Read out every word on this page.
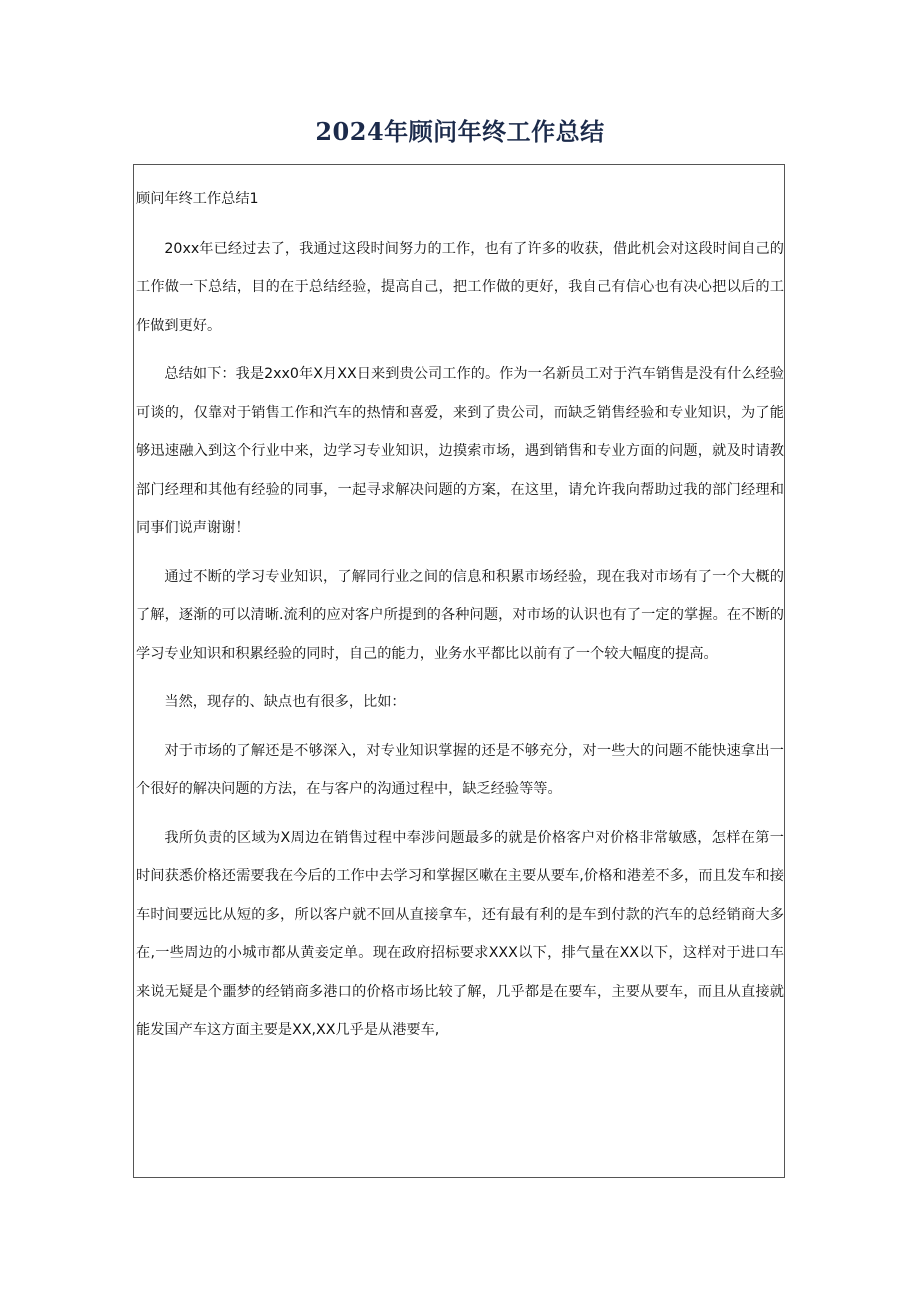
2024年顾问年终工作总结

顾问年终工作总结1

20xx年已经过去了，我通过这段时间努力的工作，也有了许多的收获，借此机会对这段时间自己的工作做一下总结，目的在于总结经验，提高自己，把工作做的更好，我自己有信心也有决心把以后的工作做到更好。

总结如下：我是2xx0年X月XX日来到贵公司工作的。作为一名新员工对于汽车销售是没有什么经验可谈的，仅靠对于销售工作和汽车的热情和喜爱，来到了贵公司，而缺乏销售经验和专业知识，为了能够迅速融入到这个行业中来，边学习专业知识，边摸索市场，遇到销售和专业方面的问题，就及时请教部门经理和其他有经验的同事，一起寻求解决问题的方案，在这里，请允许我向帮助过我的部门经理和同事们说声谢谢！

通过不断的学习专业知识，了解同行业之间的信息和积累市场经验，现在我对市场有了一个大概的了解，逐渐的可以清晰.流利的应对客户所提到的各种问题，对市场的认识也有了一定的掌握。在不断的学习专业知识和积累经验的同时，自己的能力，业务水平都比以前有了一个较大幅度的提高。

当然，现存的、缺点也有很多，比如：

对于市场的了解还是不够深入，对专业知识掌握的还是不够充分，对一些大的问题不能快速拿出一个很好的解决问题的方法，在与客户的沟通过程中，缺乏经验等等。

我所负责的区域为X周边在销售过程中奉涉问题最多的就是价格客户对价格非常敏感，怎样在第一时间获悉价格还需要我在今后的工作中去学习和掌握区嗽在主要从要车,价格和港差不多，而且发车和接车时间要远比从短的多，所以客户就不回从直接拿车，还有最有利的是车到付款的汽车的总经销商大多在,一些周边的小城市都从黄妾定单。现在政府招标要求XXX以下，排气量在XX以下，这样对于进口车来说无疑是个噩梦的经销商多港口的价格市场比较了解，几乎都是在要车，主要从要车，而且从直接就能发国产车这方面主要是XX,XX几乎是从港要车,
